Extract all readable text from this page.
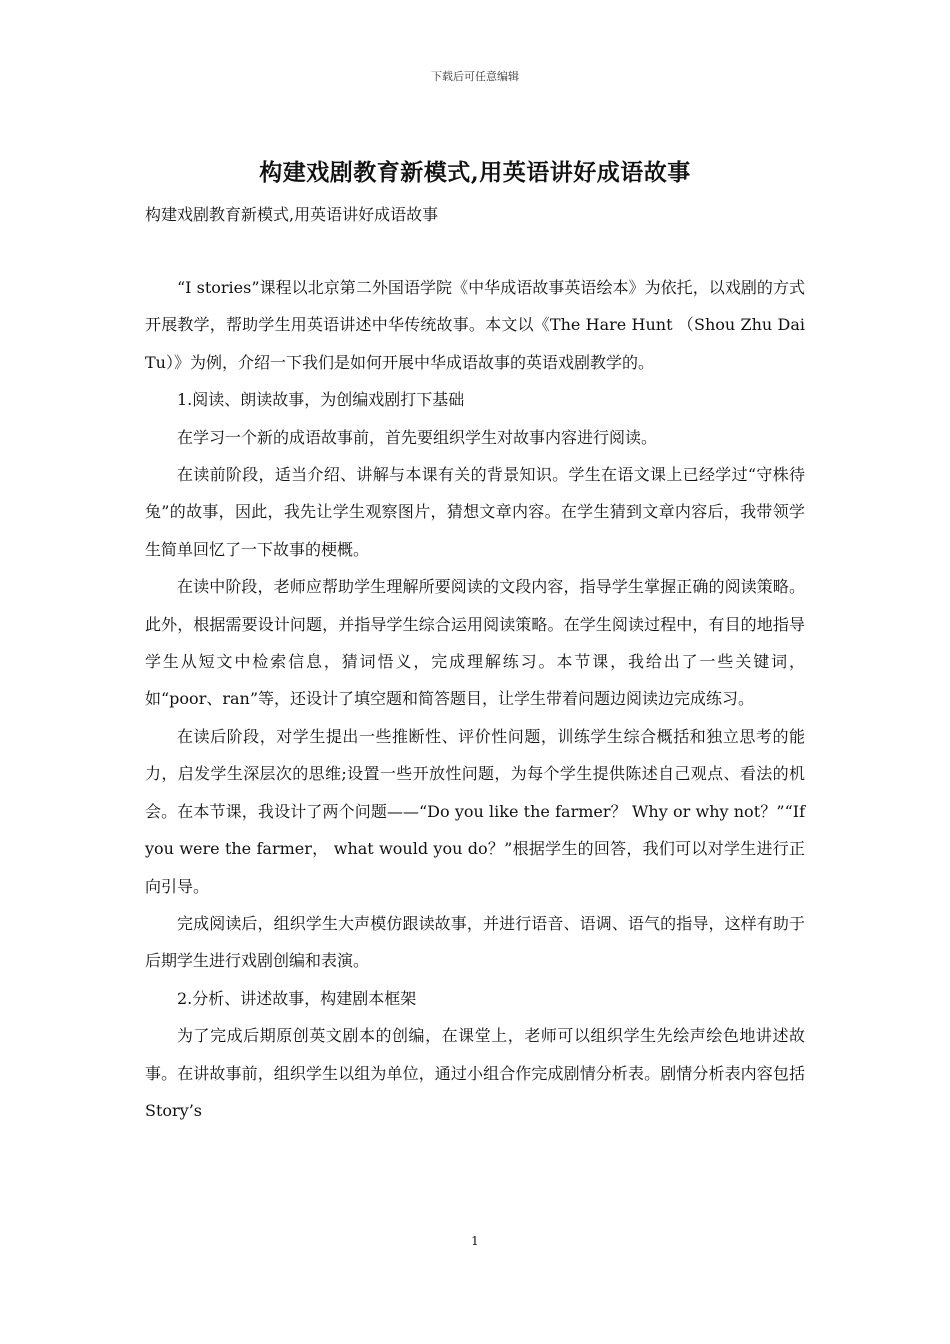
下载后可任意编辑
构建戏剧教育新模式,用英语讲好成语故事
构建戏剧教育新模式,用英语讲好成语故事

“I stories”课程以北京第二外国语学院《中华成语故事英语绘本》为依托，以戏剧的方式开展教学，帮助学生用英语讲述中华传统故事。本文以《The Hare Hunt （Shou Zhu Dai Tu）》为例，介绍一下我们是如何开展中华成语故事的英语戏剧教学的。

1.阅读、朗读故事，为创编戏剧打下基础

在学习一个新的成语故事前，首先要组织学生对故事内容进行阅读。

在读前阶段，适当介绍、讲解与本课有关的背景知识。学生在语文课上已经学过“守株待兔”的故事，因此，我先让学生观察图片，猜想文章内容。在学生猜到文章内容后，我带领学生简单回忆了一下故事的梗概。

在读中阶段，老师应帮助学生理解所要阅读的文段内容，指导学生掌握正确的阅读策略。此外，根据需要设计问题，并指导学生综合运用阅读策略。在学生阅读过程中，有目的地指导学生从短文中检索信息，猜词悟义，完成理解练习。本节课，我给出了一些关键词，如“poor、ran”等，还设计了填空题和简答题目，让学生带着问题边阅读边完成练习。

在读后阶段，对学生提出一些推断性、评价性问题，训练学生综合概括和独立思考的能力，启发学生深层次的思维;设置一些开放性问题，为每个学生提供陈述自己观点、看法的机会。在本节课，我设计了两个问题——“Do you like the farmer？ Why or why not？”“If you were the farmer， what would you do？”根据学生的回答，我们可以对学生进行正向引导。

完成阅读后，组织学生大声模仿跟读故事，并进行语音、语调、语气的指导，这样有助于后期学生进行戏剧创编和表演。

2.分析、讲述故事，构建剧本框架

为了完成后期原创英文剧本的创编，在课堂上，老师可以组织学生先绘声绘色地讲述故事。在讲故事前，组织学生以组为单位，通过小组合作完成剧情分析表。剧情分析表内容包括Story’s

1
